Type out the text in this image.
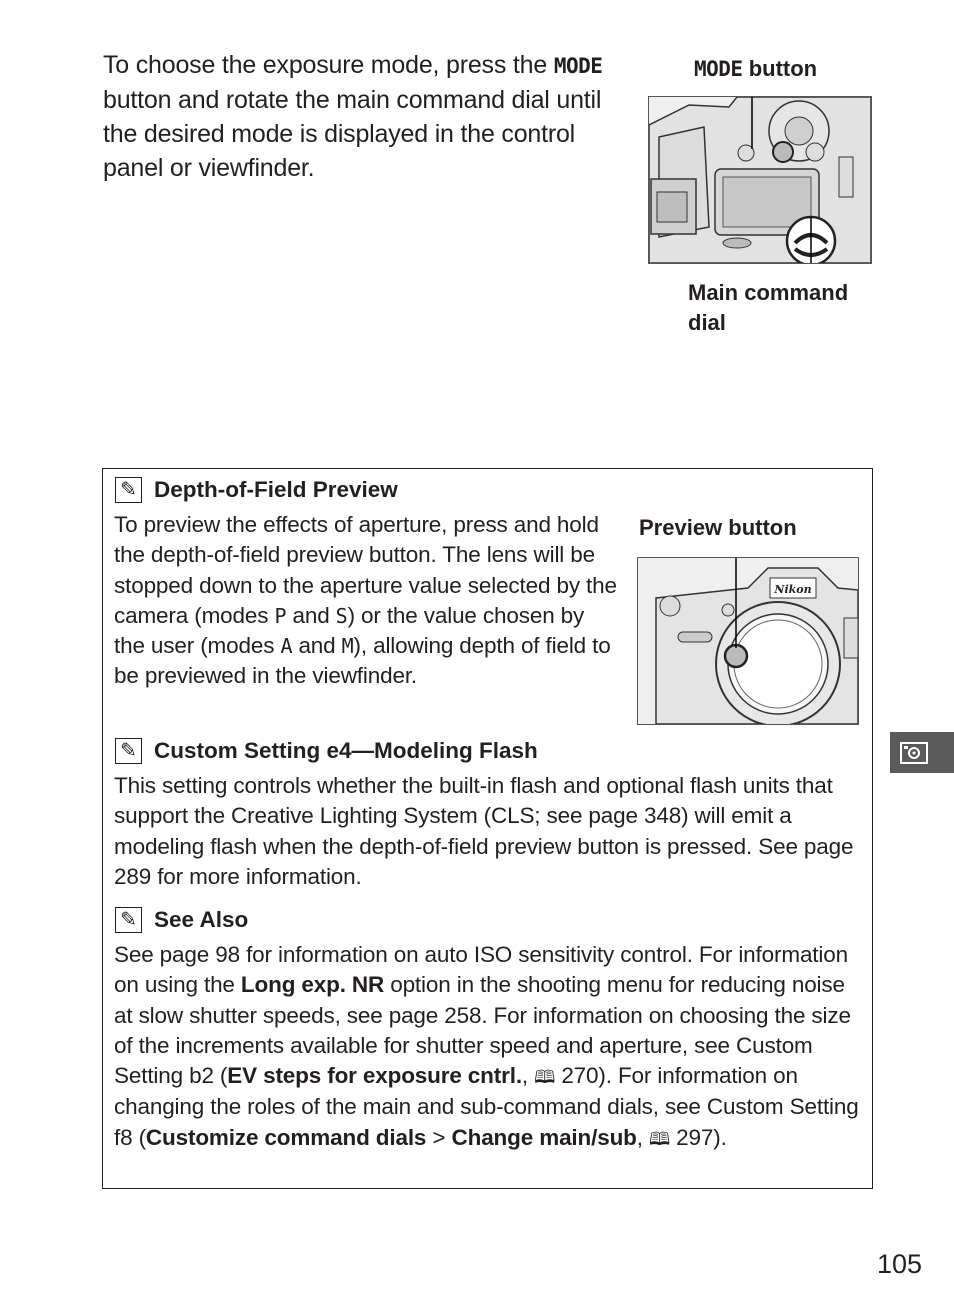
To choose the exposure mode, press the MODE button and rotate the main command dial until the desired mode is displayed in the control panel or viewfinder.
MODE button
Main command dial
✎ Depth-of-Field Preview
To preview the effects of aperture, press and hold the depth-of-field preview button. The lens will be stopped down to the aperture value selected by the camera (modes P and S) or the value chosen by the user (modes A and M), allowing depth of field to be previewed in the viewfinder.
Preview button
Nikon
✎ Custom Setting e4—Modeling Flash
This setting controls whether the built-in flash and optional flash units that support the Creative Lighting System (CLS; see page 348) will emit a modeling flash when the depth-of-field preview button is pressed. See page 289 for more information.
✎ See Also
See page 98 for information on auto ISO sensitivity control. For information on using the Long exp. NR option in the shooting menu for reducing noise at slow shutter speeds, see page 258. For information on choosing the size of the increments available for shutter speed and aperture, see Custom Setting b2 (EV steps for exposure cntrl., 🕮 270). For information on changing the roles of the main and sub-command dials, see Custom Setting f8 (Customize command dials > Change main/sub, 🕮 297).
105
